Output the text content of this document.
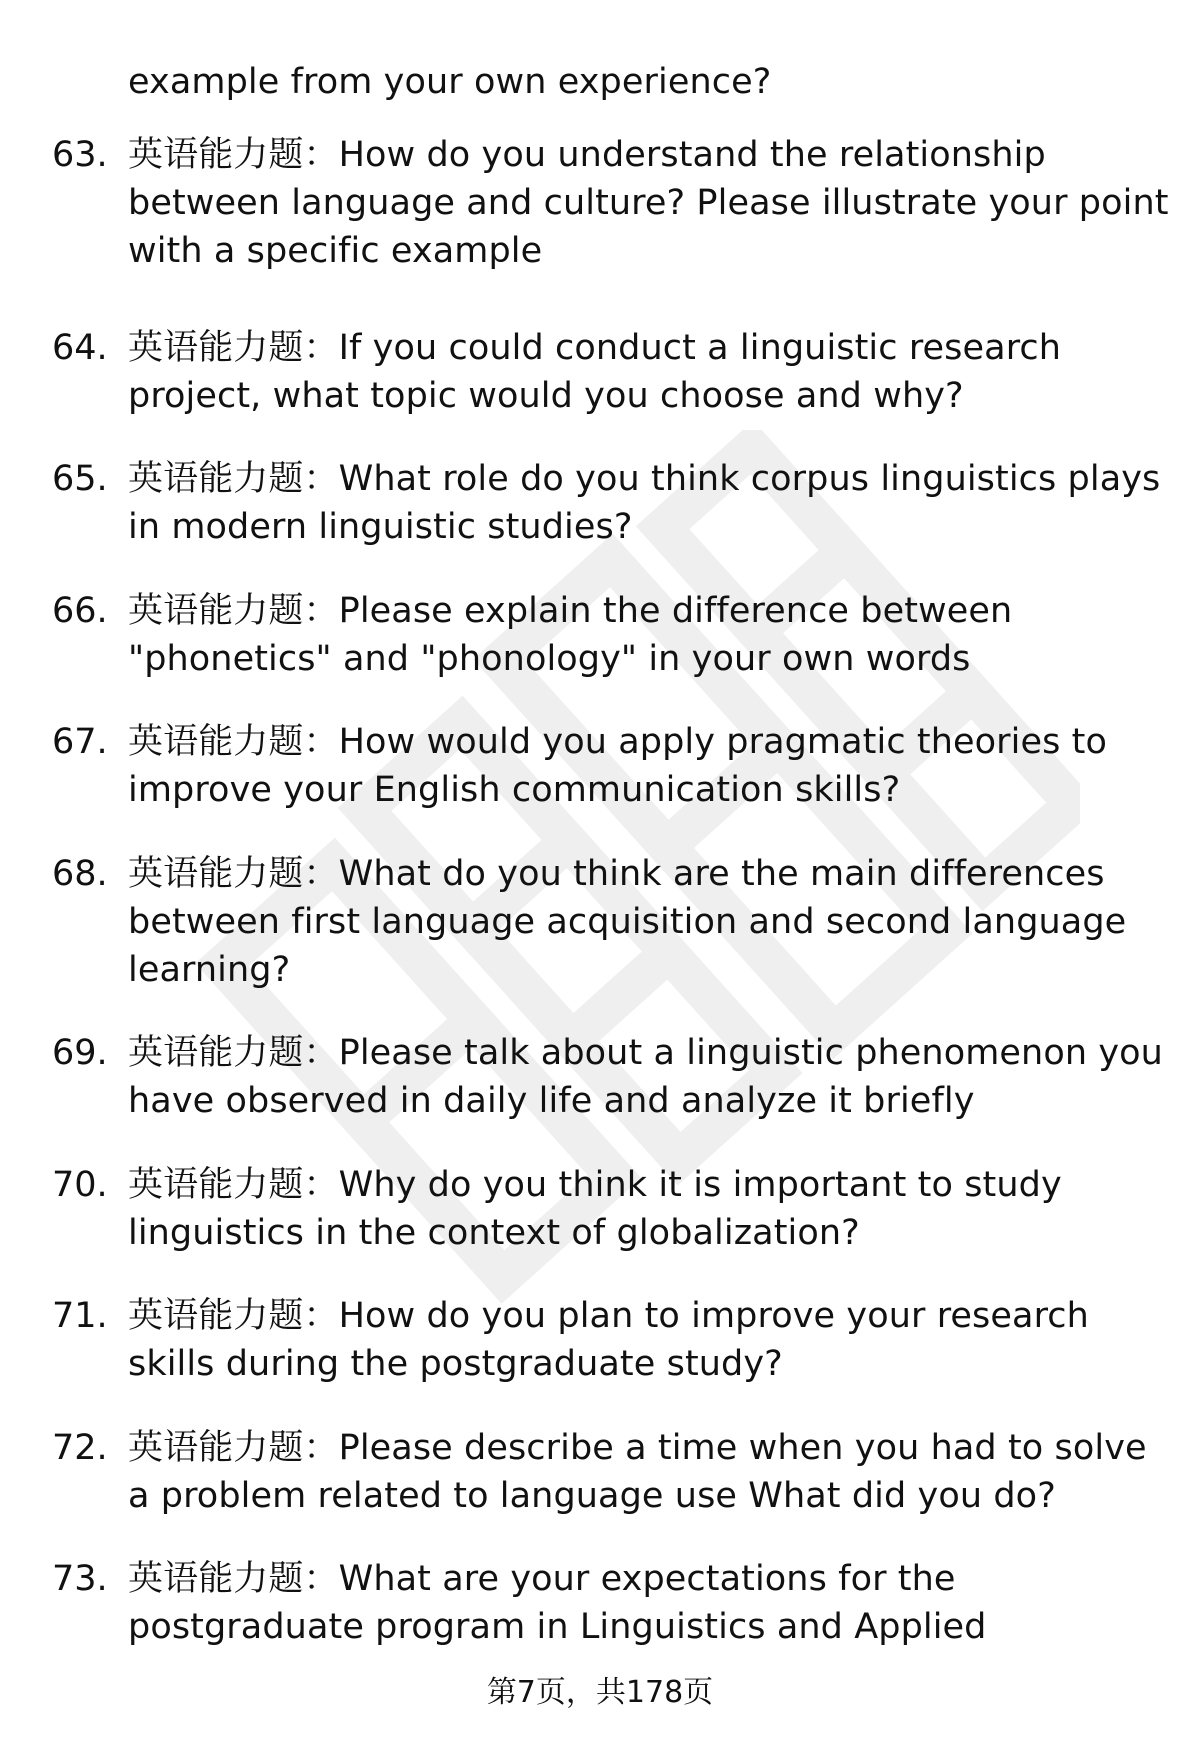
example from your own experience?
63. 英语能力题：How do you understand the relationship
between language and culture? Please illustrate your point
with a specific example
64. 英语能力题：If you could conduct a linguistic research
project, what topic would you choose and why?
65. 英语能力题：What role do you think corpus linguistics plays
in modern linguistic studies?
66. 英语能力题：Please explain the difference between
"phonetics" and "phonology" in your own words
67. 英语能力题：How would you apply pragmatic theories to
improve your English communication skills?
68. 英语能力题：What do you think are the main differences
between first language acquisition and second language
learning?
69. 英语能力题：Please talk about a linguistic phenomenon you
have observed in daily life and analyze it briefly
70. 英语能力题：Why do you think it is important to study
linguistics in the context of globalization?
71. 英语能力题：How do you plan to improve your research
skills during the postgraduate study?
72. 英语能力题：Please describe a time when you had to solve
a problem related to language use What did you do?
73. 英语能力题：What are your expectations for the
postgraduate program in Linguistics and Applied
第7页，共178页
